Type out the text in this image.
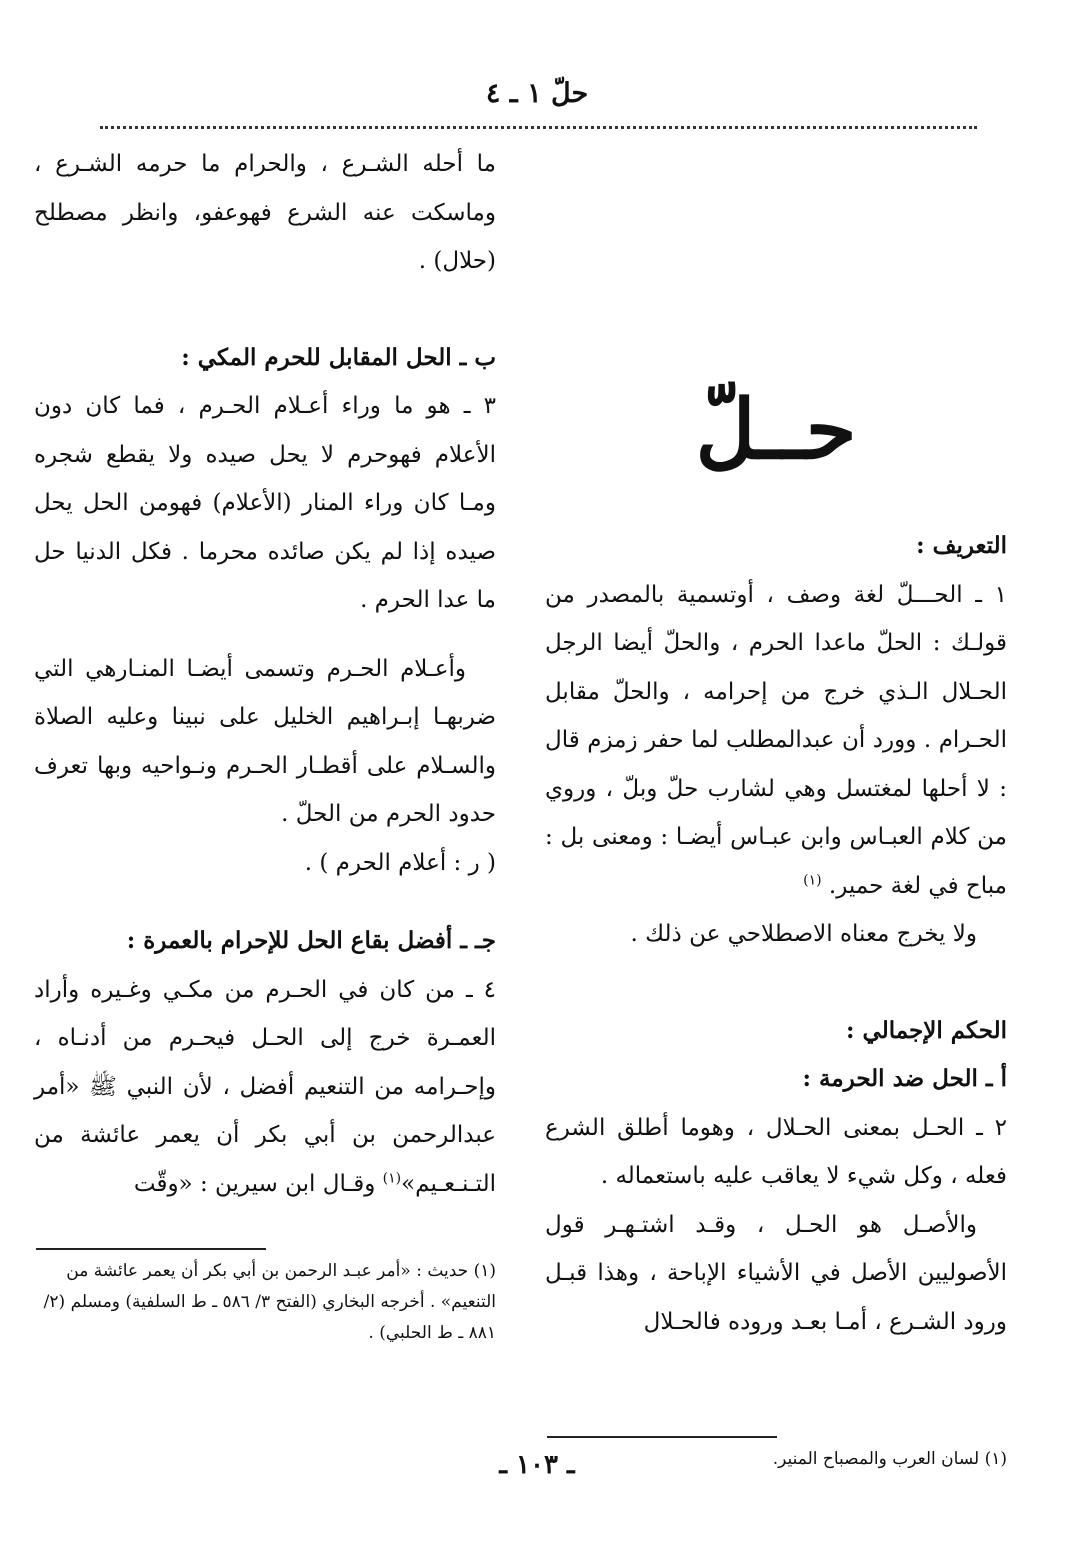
حلّ ١ ـ ٤
حــلّ

التعريف :

١ ـ الحـــلّ لغة وصف ، أوتسمية بالمصدر من قولـك : الحلّ ماعدا الحرم ، والحلّ أيضا الرجل الحـلال الـذي خرج من إحرامه ، والحلّ مقابل الحـرام . وورد أن عبدالمطلب لما حفر زمزم قال : لا أحلها لمغتسل وهي لشارب حلّ وبلّ ، وروي من كلام العبـاس وابن عبـاس أيضـا : ومعنى بل : مباح في لغة حمير. $^{(١)}$

ولا يخرج معناه الاصطلاحي عن ذلك .

الحكم الإجمالي :

أ ـ الحل ضد الحرمة :

٢ ـ الحـل بمعنى الحـلال ، وهوما أطلق الشرع فعله ، وكل شيء لا يعاقب عليه باستعماله .

والأصـل هو الحـل ، وقـد اشتـهـر قول الأصوليين الأصل في الأشياء الإباحة ، وهذا قبـل ورود الشـرع ، أمـا بعـد وروده فالحـلال

(١) لسان العرب والمصباح المنير.

ما أحله الشـرع ، والحرام ما حرمه الشـرع ، وماسكت عنه الشرع فهوعفو، وانظر مصطلح (حلال) .

ب ـ الحل المقابل للحرم المكي :

٣ ـ هو ما وراء أعـلام الحـرم ، فما كان دون الأعلام فهوحرم لا يحل صيده ولا يقطع شجره ومـا كان وراء المنار (الأعلام) فهومن الحل يحل صيده إذا لم يكن صائده محرما . فكل الدنيا حل ما عدا الحرم .

وأعـلام الحـرم وتسمى أيضـا المنـارهي التي ضربهـا إبـراهيم الخليل على نبينا وعليه الصلاة والسـلام على أقطـار الحـرم ونـواحيه وبها تعرف حدود الحرم من الحلّ .

( ر : أعلام الحرم ) .

جـ ـ أفضل بقاع الحل للإحرام بالعمرة :

٤ ـ من كان في الحـرم من مكـي وغـيره وأراد العمـرة خرج إلى الحـل فيحـرم من أدنـاه ، وإحـرامه من التنعيم أفضل ، لأن النبي ﷺ «أمر عبدالرحمن بن أبي بكر أن يعمر عائشة من التـنـعـيم»$^{(١)}$ وقـال ابن سيرين : «وقّت

(١) حديث : «أمر عبـد الرحمن بن أبي بكر أن يعمر عائشة من التنعيم» . أخرجه البخاري (الفتح ٣/ ٥٨٦ ـ ط السلفية) ومسلم (٢/ ٨٨١ ـ ط الحلبي) .

ـ ١٠٣ ـ
